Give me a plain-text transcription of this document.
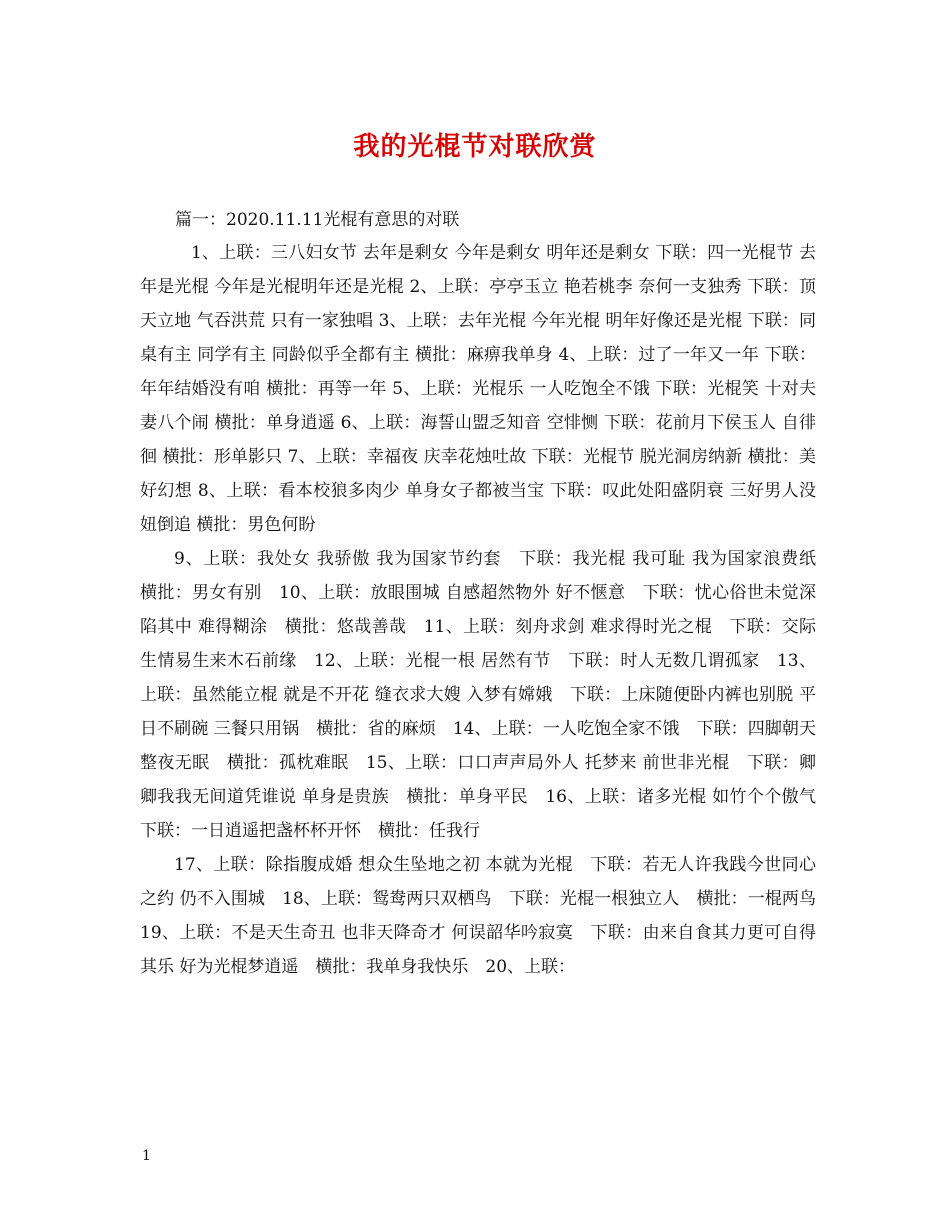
我的光棍节对联欣赏
篇一：2020.11.11光棍有意思的对联

1、上联：三八妇女节 去年是剩女 今年是剩女 明年还是剩女 下联：四一光棍节 去年是光棍 今年是光棍明年还是光棍 2、上联：亭亭玉立 艳若桃李 奈何一支独秀 下联：顶天立地 气吞洪荒 只有一家独唱 3、上联：去年光棍 今年光棍 明年好像还是光棍 下联：同桌有主 同学有主 同龄似乎全都有主 横批：麻痹我单身 4、上联：过了一年又一年 下联：年年结婚没有咱 横批：再等一年 5、上联：光棍乐 一人吃饱全不饿 下联：光棍笑 十对夫妻八个闹 横批：单身逍遥 6、上联：海誓山盟乏知音 空悱恻 下联：花前月下侯玉人 自徘徊 横批：形单影只 7、上联：幸福夜 庆幸花烛吐故 下联：光棍节 脱光洞房纳新 横批：美好幻想 8、上联：看本校狼多肉少 单身女子都被当宝 下联：叹此处阳盛阴衰 三好男人没妞倒追 横批：男色何盼

9、上联：我处女 我骄傲 我为国家节约套　下联：我光棍 我可耻 我为国家浪费纸　横批：男女有别　10、上联：放眼围城 自感超然物外 好不惬意　下联：忧心俗世未觉深陷其中 难得糊涂　横批：悠哉善哉　11、上联：刻舟求剑 难求得时光之棍　下联：交际生情易生来木石前缘　12、上联：光棍一根 居然有节　下联：时人无数几谓孤家　13、上联：虽然能立棍 就是不开花 缝衣求大嫂 入梦有嫦娥　下联：上床随便卧内裤也别脱 平日不刷碗 三餐只用锅　横批：省的麻烦　14、上联：一人吃饱全家不饿　下联：四脚朝天整夜无眠　横批：孤枕难眠　15、上联：口口声声局外人 托梦来 前世非光棍　下联：卿卿我我无间道凭谁说 单身是贵族　横批：单身平民　16、上联：诸多光棍 如竹个个傲气　下联：一日逍遥把盏杯杯开怀　横批：任我行

17、上联：除指腹成婚 想众生坠地之初 本就为光棍　下联：若无人许我践今世同心之约 仍不入围城　18、上联：鸳鸯两只双栖鸟　下联：光棍一根独立人　横批：一棍两鸟　19、上联：不是天生奇丑 也非天降奇才 何误韶华吟寂寞　下联：由来自食其力更可自得其乐 好为光棍梦逍遥　横批：我单身我快乐　20、上联：

1
